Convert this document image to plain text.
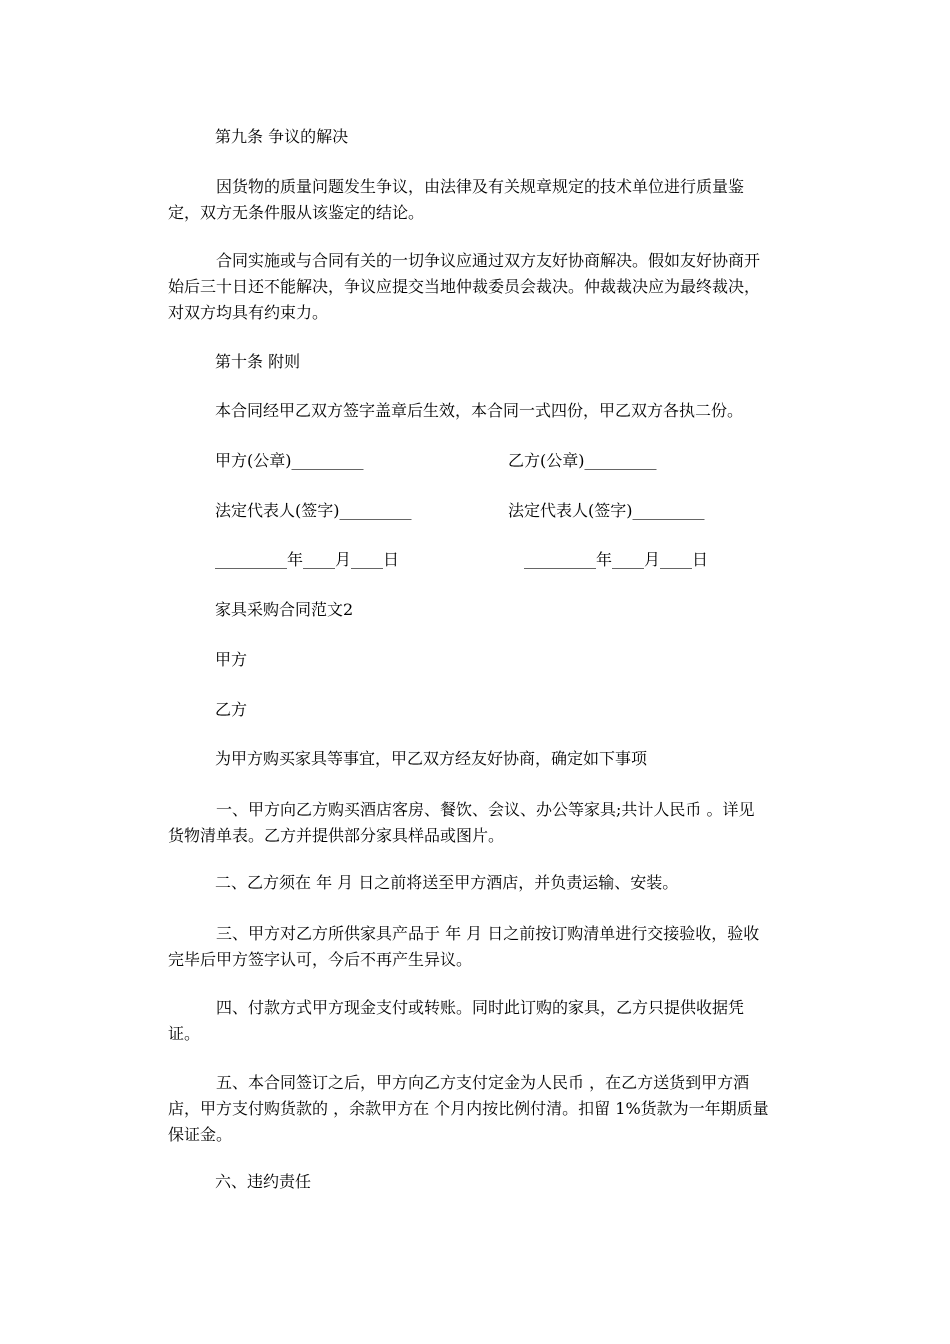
第九条 争议的解决
因货物的质量问题发生争议，由法律及有关规章规定的技术单位进行质量鉴定，双方无条件服从该鉴定的结论。
合同实施或与合同有关的一切争议应通过双方友好协商解决。假如友好协商开始后三十日还不能解决，争议应提交当地仲裁委员会裁决。仲裁裁决应为最终裁决，对双方均具有约束力。
第十条 附则
本合同经甲乙双方签字盖章后生效，本合同一式四份，甲乙双方各执二份。
甲方(公章)_________	乙方(公章)_________
法定代表人(签字)_________	法定代表人(签字)_________
_________年____月____日	_________年____月____日
家具采购合同范文2
甲方
乙方
为甲方购买家具等事宜，甲乙双方经友好协商，确定如下事项
一、甲方向乙方购买酒店客房、餐饮、会议、办公等家具;共计人民币 。详见货物清单表。乙方并提供部分家具样品或图片。
二、乙方须在 年 月 日之前将送至甲方酒店，并负责运输、安装。
三、甲方对乙方所供家具产品于 年 月 日之前按订购清单进行交接验收，验收完毕后甲方签字认可，今后不再产生异议。
四、付款方式甲方现金支付或转账。同时此订购的家具，乙方只提供收据凭证。
五、本合同签订之后，甲方向乙方支付定金为人民币 ，在乙方送货到甲方酒店，甲方支付购货款的 ，余款甲方在 个月内按比例付清。扣留 1%货款为一年期质量保证金。
六、违约责任
